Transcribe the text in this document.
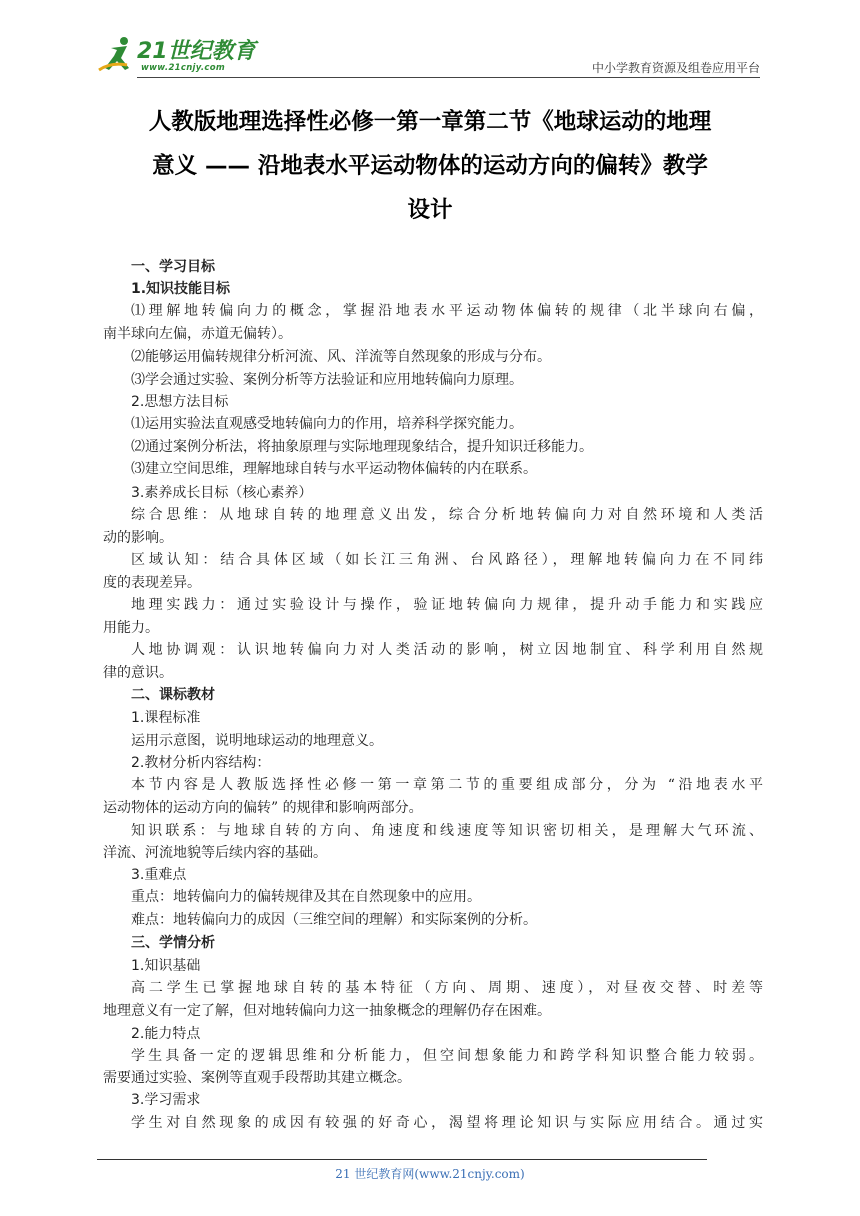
21世纪教育
www.21cnjy.com	中小学教育资源及组卷应用平台
人教版地理选择性必修一第一章第二节《地球运动的地理
意义 —— 沿地表水平运动物体的运动方向的偏转》教学
设计
一、学习目标
1.知识技能目标
⑴理解地转偏向力的概念，掌握沿地表水平运动物体偏转的规律（北半球向右偏，
南半球向左偏，赤道无偏转）。
⑵能够运用偏转规律分析河流、风、洋流等自然现象的形成与分布。
⑶学会通过实验、案例分析等方法验证和应用地转偏向力原理。
2.思想方法目标
⑴运用实验法直观感受地转偏向力的作用，培养科学探究能力。
⑵通过案例分析法，将抽象原理与实际地理现象结合，提升知识迁移能力。
⑶建立空间思维，理解地球自转与水平运动物体偏转的内在联系。
3.素养成长目标（核心素养）
综合思维：从地球自转的地理意义出发，综合分析地转偏向力对自然环境和人类活
动的影响。
区域认知：结合具体区域（如长江三角洲、台风路径），理解地转偏向力在不同纬
度的表现差异。
地理实践力：通过实验设计与操作，验证地转偏向力规律，提升动手能力和实践应
用能力。
人地协调观：认识地转偏向力对人类活动的影响，树立因地制宜、科学利用自然规
律的意识。
二、课标教材
1.课程标准
运用示意图，说明地球运动的地理意义。
2.教材分析内容结构：
本节内容是人教版选择性必修一第一章第二节的重要组成部分，分为 “沿地表水平
运动物体的运动方向的偏转” 的规律和影响两部分。
知识联系：与地球自转的方向、角速度和线速度等知识密切相关，是理解大气环流、
洋流、河流地貌等后续内容的基础。
3.重难点
重点：地转偏向力的偏转规律及其在自然现象中的应用。
难点：地转偏向力的成因（三维空间的理解）和实际案例的分析。
三、学情分析
1.知识基础
高二学生已掌握地球自转的基本特征（方向、周期、速度），对昼夜交替、时差等
地理意义有一定了解，但对地转偏向力这一抽象概念的理解仍存在困难。
2.能力特点
学生具备一定的逻辑思维和分析能力，但空间想象能力和跨学科知识整合能力较弱。
需要通过实验、案例等直观手段帮助其建立概念。
3.学习需求
学生对自然现象的成因有较强的好奇心，渴望将理论知识与实际应用结合。通过实
21 世纪教育网(www.21cnjy.com)
